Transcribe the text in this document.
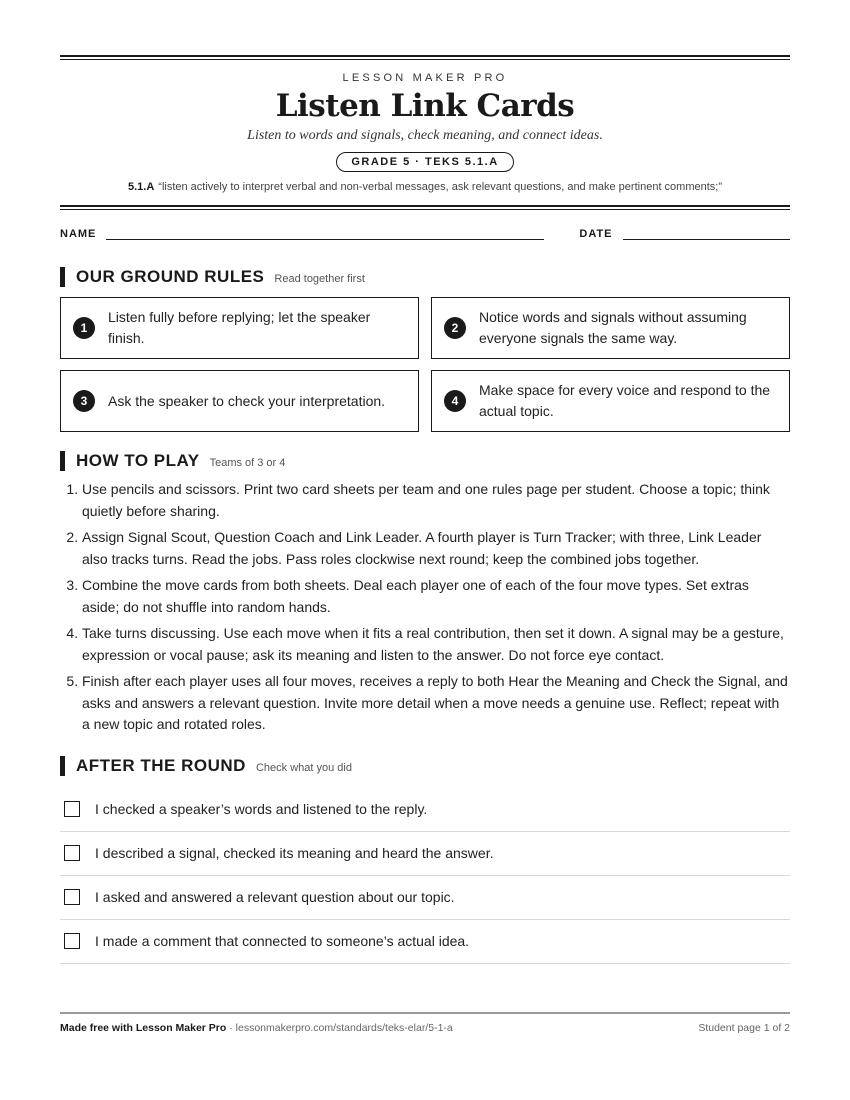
LESSON MAKER PRO
Listen Link Cards
Listen to words and signals, check meaning, and connect ideas.
GRADE 5 · TEKS 5.1.A
5.1.A “listen actively to interpret verbal and non-verbal messages, ask relevant questions, and make pertinent comments;”
NAME	DATE
OUR GROUND RULES Read together first
1
Listen fully before replying; let the speaker finish.
2
Notice words and signals without assuming everyone signals the same way.
3	Ask the speaker to check your interpretation.	4
Make space for every voice and respond to the actual topic.
HOW TO PLAY Teams of 3 or 4
1. Use pencils and scissors. Print two card sheets per team and one rules page per student. Choose a topic; think quietly before sharing.
2. Assign Signal Scout, Question Coach and Link Leader. A fourth player is Turn Tracker; with three, Link Leader also tracks turns. Read the jobs. Pass roles clockwise next round; keep the combined jobs together.
3. Combine the move cards from both sheets. Deal each player one of each of the four move types. Set extras aside; do not shuffle into random hands.
4. Take turns discussing. Use each move when it fits a real contribution, then set it down. A signal may be a gesture, expression or vocal pause; ask its meaning and listen to the answer. Do not force eye contact.
5. Finish after each player uses all four moves, receives a reply to both Hear the Meaning and Check the Signal, and asks and answers a relevant question. Invite more detail when a move needs a genuine use. Reflect; repeat with a new topic and rotated roles.
AFTER THE ROUND Check what you did
I checked a speaker’s words and listened to the reply.
I described a signal, checked its meaning and heard the answer.
I asked and answered a relevant question about our topic.
I made a comment that connected to someone’s actual idea.
Made free with Lesson Maker Pro · lessonmakerpro.com/standards/teks-elar/5-1-a	Student page 1 of 2
